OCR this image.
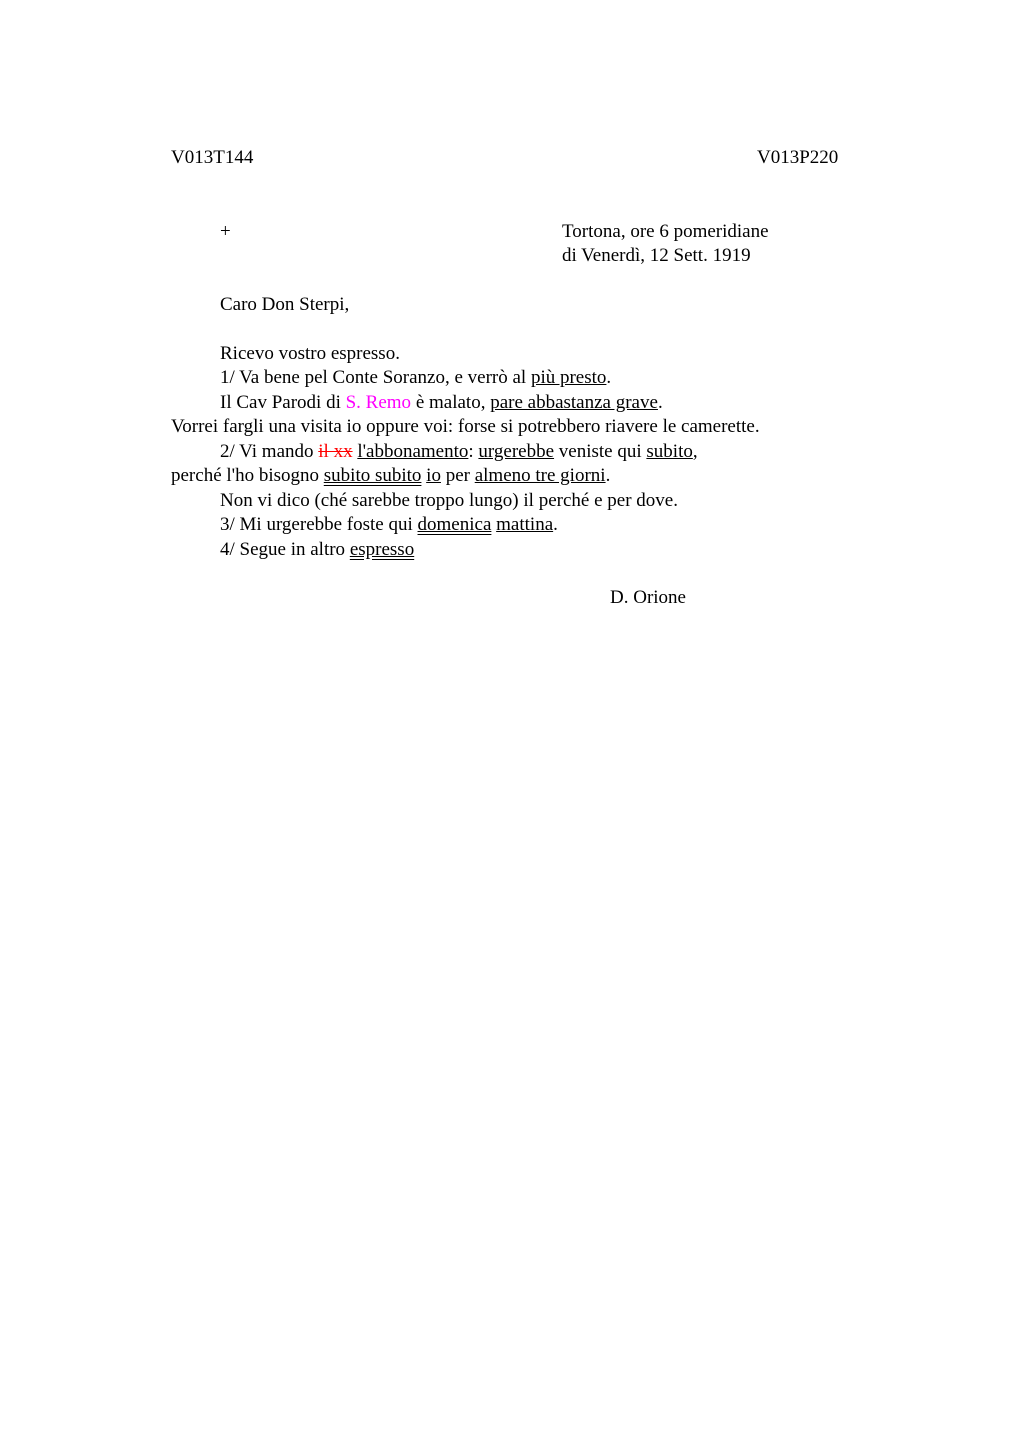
V013T144	V013P220
+	Tortona, ore 6 pomeridiane
di Venerdì, 12 Sett. 1919
Caro Don Sterpi,
Ricevo vostro espresso.
1/ Va bene pel Conte Soranzo, e verrò al più presto.
Il Cav Parodi di S. Remo è malato, pare abbastanza grave.
Vorrei fargli una visita io oppure voi: forse si potrebbero riavere le camerette.
2/ Vi mando il xx l'abbonamento: urgerebbe veniste qui subito,
perché l'ho bisogno subito subito io per almeno tre giorni.
Non vi dico (ché sarebbe troppo lungo) il perché e per dove.
3/ Mi urgerebbe foste qui domenica mattina.
4/ Segue in altro espresso
D. Orione
